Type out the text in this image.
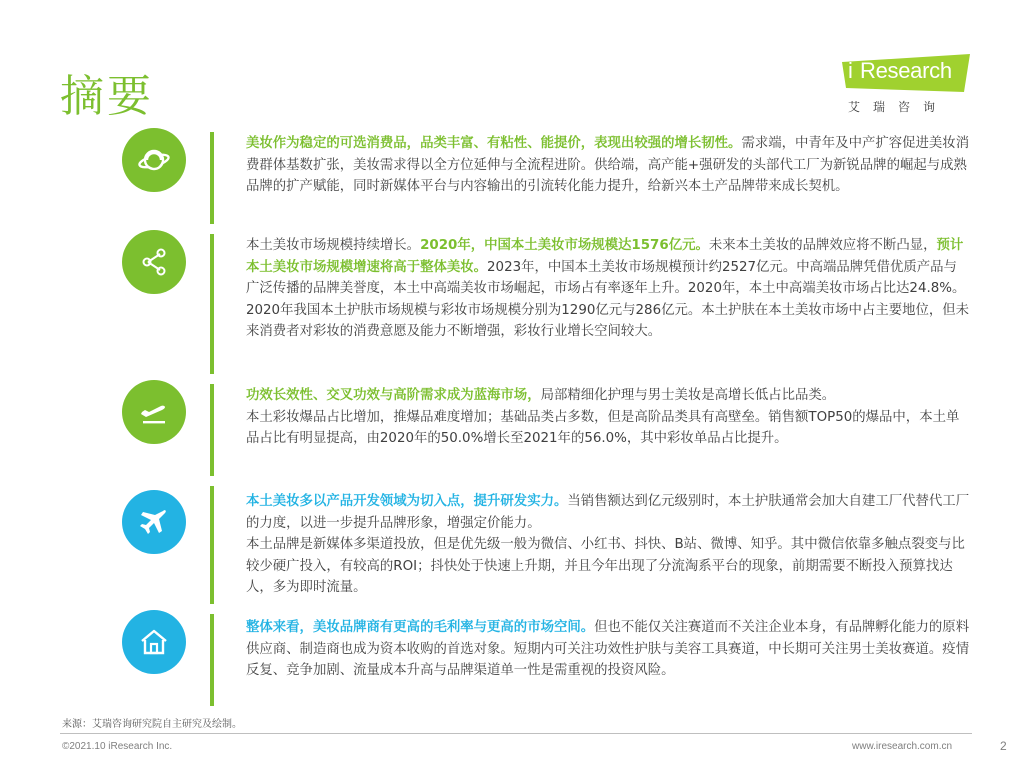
摘要
i Research
艾瑞咨询

美妆作为稳定的可选消费品，品类丰富、有粘性、能提价，表现出较强的增长韧性。需求端，中青年及中产扩容促进美妆消费群体基数扩张，美妆需求得以全方位延伸与全流程进阶。供给端，高产能+强研发的头部代工厂为新锐品牌的崛起与成熟品牌的扩产赋能，同时新媒体平台与内容输出的引流转化能力提升，给新兴本土产品牌带来成长契机。

本土美妆市场规模持续增长。2020年，中国本土美妆市场规模达1576亿元。未来本土美妆的品牌效应将不断凸显，预计本土美妆市场规模增速将高于整体美妆。2023年，中国本土美妆市场规模预计约2527亿元。中高端品牌凭借优质产品与广泛传播的品牌美誉度，本土中高端美妆市场崛起，市场占有率逐年上升。2020年，本土中高端美妆市场占比达24.8%。

2020年我国本土护肤市场规模与彩妆市场规模分别为1290亿元与286亿元。本土护肤在本土美妆市场中占主要地位，但未来消费者对彩妆的消费意愿及能力不断增强，彩妆行业增长空间较大。

功效长效性、交叉功效与高阶需求成为蓝海市场，局部精细化护理与男士美妆是高增长低占比品类。

本土彩妆爆品占比增加，推爆品难度增加；基础品类占多数，但是高阶品类具有高壁垒。销售额TOP50的爆品中，本土单品占比有明显提高，由2020年的50.0%增长至2021年的56.0%，其中彩妆单品占比提升。

本土美妆多以产品开发领域为切入点，提升研发实力。当销售额达到亿元级别时，本土护肤通常会加大自建工厂代替代工厂的力度，以进一步提升品牌形象，增强定价能力。

本土品牌是新媒体多渠道投放，但是优先级一般为微信、小红书、抖快、B站、微博、知乎。其中微信依靠多触点裂变与比较少硬广投入，有较高的ROI；抖快处于快速上升期，并且今年出现了分流淘系平台的现象，前期需要不断投入预算找达人，多为即时流量。

整体来看，美妆品牌商有更高的毛利率与更高的市场空间。但也不能仅关注赛道而不关注企业本身，有品牌孵化能力的原料供应商、制造商也成为资本收购的首选对象。短期内可关注功效性护肤与美容工具赛道，中长期可关注男士美妆赛道。疫情反复、竞争加剧、流量成本升高与品牌渠道单一性是需重视的投资风险。

来源：艾瑞咨询研究院自主研究及绘制。
©2021.10 iResearch Inc.	www.iresearch.com.cn	2
